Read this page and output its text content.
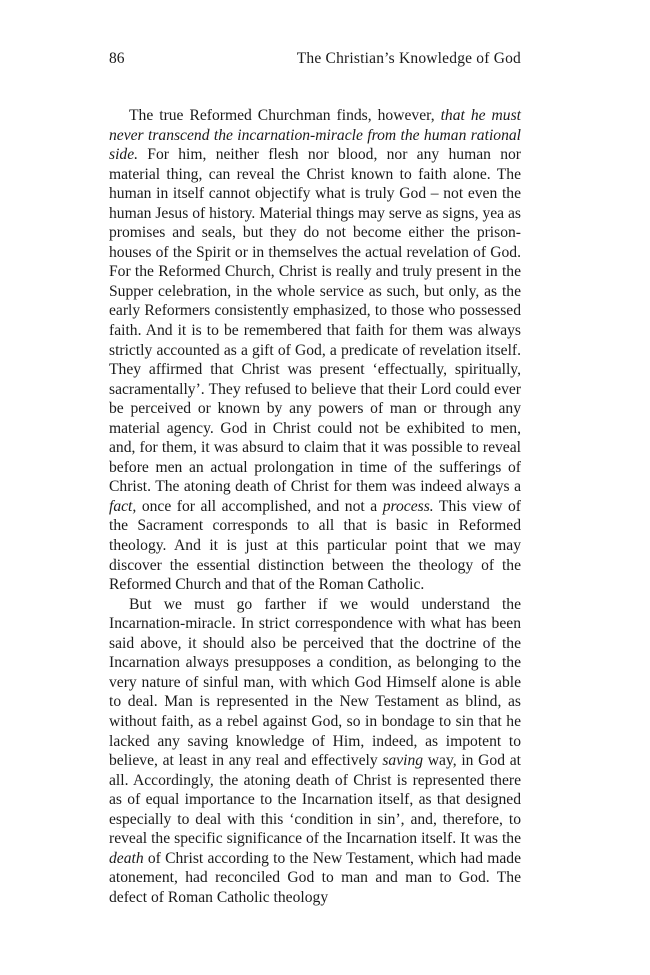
86	The Christian’s Knowledge of God

The true Reformed Churchman finds, however, that he must never transcend the incarnation-miracle from the human rational side. For him, neither flesh nor blood, nor any human nor material thing, can reveal the Christ known to faith alone. The human in itself cannot objectify what is truly God – not even the human Jesus of history. Material things may serve as signs, yea as promises and seals, but they do not become either the prison-houses of the Spirit or in themselves the actual revelation of God. For the Reformed Church, Christ is really and truly present in the Supper celebration, in the whole service as such, but only, as the early Reformers consistently emphasized, to those who possessed faith. And it is to be remembered that faith for them was always strictly accounted as a gift of God, a predicate of revelation itself. They affirmed that Christ was present ‘effectually, spiritually, sacramentally’. They refused to believe that their Lord could ever be perceived or known by any powers of man or through any material agency. God in Christ could not be exhibited to men, and, for them, it was absurd to claim that it was possible to reveal before men an actual prolongation in time of the sufferings of Christ. The atoning death of Christ for them was indeed always a fact, once for all accomplished, and not a process. This view of the Sacrament corresponds to all that is basic in Reformed theology. And it is just at this particular point that we may discover the essential distinction between the theology of the Reformed Church and that of the Roman Catholic.

But we must go farther if we would understand the Incarnation-miracle. In strict correspondence with what has been said above, it should also be perceived that the doctrine of the Incarnation always presupposes a condition, as belonging to the very nature of sinful man, with which God Himself alone is able to deal. Man is represented in the New Testament as blind, as without faith, as a rebel against God, so in bondage to sin that he lacked any saving knowledge of Him, indeed, as impotent to believe, at least in any real and effectively saving way, in God at all. Accordingly, the atoning death of Christ is represented there as of equal importance to the Incarnation itself, as that designed especially to deal with this ‘condition in sin’, and, therefore, to reveal the specific significance of the Incarnation itself. It was the death of Christ according to the New Testament, which had made atonement, had reconciled God to man and man to God. The defect of Roman Catholic theology
